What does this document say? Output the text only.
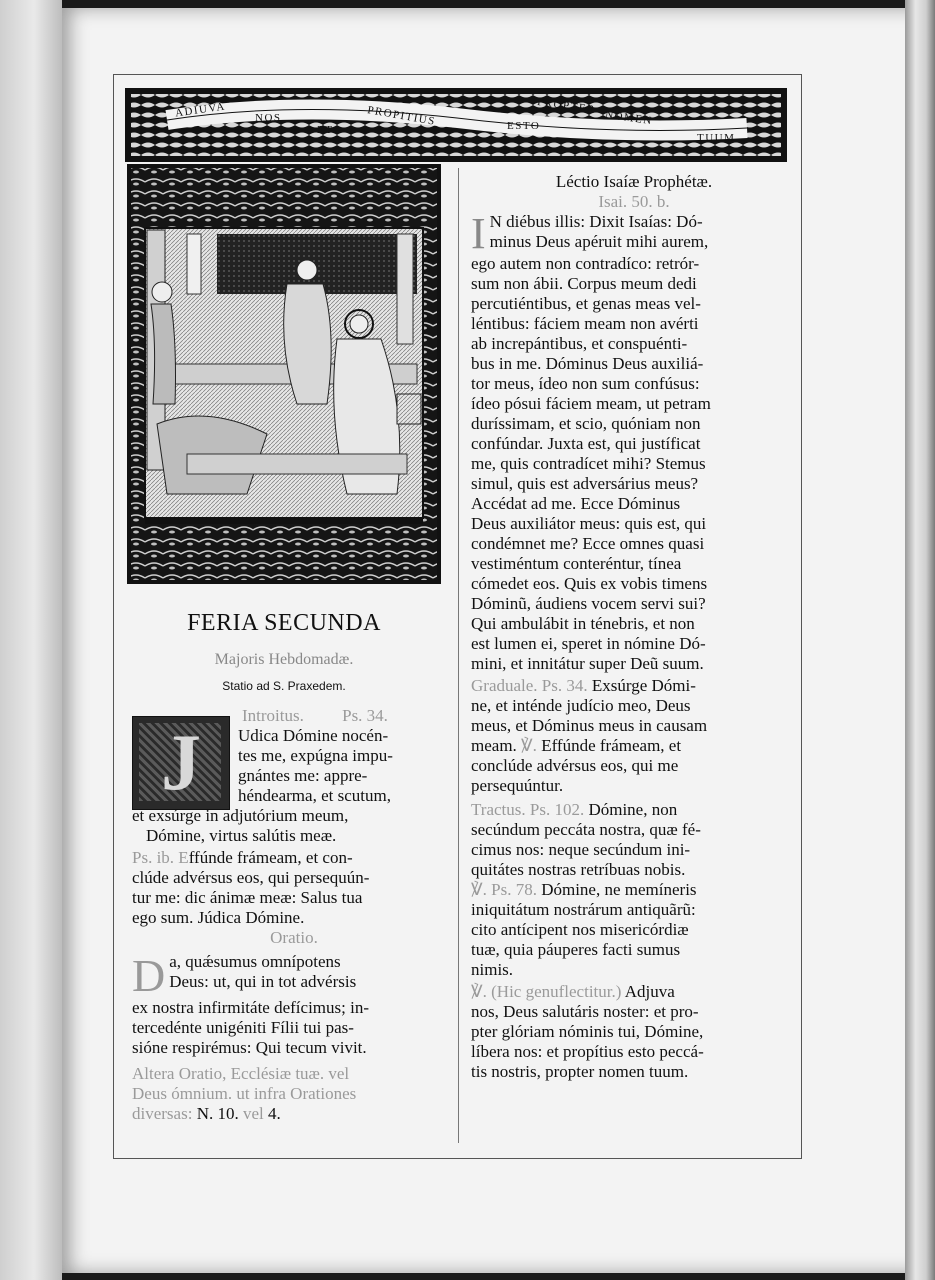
ADIUVA	NOS
ET
PROPITIUS	ESTO
PROPTER
NOMEN
TUUM
FERIA SECUNDA
Majoris Hebdomadæ.
Statio ad S. Praxedem.
J
Introitus. Ps. 34.
Udica Dómine nocén-
tes me, expúgna impu-
gnántes me: appre-
héndearma, et scutum,
et exsúrge in adjutórium meum,
Dómine, virtus salútis meæ.
Ps. ib. Effúnde frámeam, et con-
clúde advérsus eos, qui persequún-
tur me: dic ánimæ meæ: Salus tua
ego sum. Júdica Dómine.
Oratio.
D a, quǽsumus omnípotens
Deus: ut, qui in tot advérsis
ex nostra infirmitáte defícimus; in-
tercedénte unigéniti Fílii tui pas-
sióne respirémus: Qui tecum vivit.
Altera Oratio, Ecclésiæ tuæ. vel
Deus ómnium. ut infra Orationes
diversas: N. 10. vel 4.
Léctio Isaíæ Prophétæ.
Isai. 50. b.
I N diébus illis: Dixit Isaías: Dó-
minus Deus apéruit mihi aurem,
ego autem non contradíco: retrór-
sum non ábii. Corpus meum dedi
percutiéntibus, et genas meas vel-
léntibus: fáciem meam non avérti
ab increpántibus, et conspuénti-
bus in me. Dóminus Deus auxiliá-
tor meus, ídeo non sum confúsus:
ídeo pósui fáciem meam, ut petram
duríssimam, et scio, quóniam non
confúndar. Juxta est, qui justíficat
me, quis contradícet mihi? Stemus
simul, quis est adversárius meus?
Accédat ad me. Ecce Dóminus
Deus auxiliátor meus: quis est, qui
condémnet me? Ecce omnes quasi
vestiméntum conteréntur, tínea
cómedet eos. Quis ex vobis timens
Dóminũ, áudiens vocem servi sui?
Qui ambulábit in ténebris, et non
est lumen ei, speret in nómine Dó-
mini, et innitátur super Deũ suum.
Graduale. Ps. 34. Exsúrge Dómi-
ne, et inténde judício meo, Deus
meus, et Dóminus meus in causam
meam. ℣. Effúnde frámeam, et
conclúde advérsus eos, qui me
persequúntur.
Tractus. Ps. 102. Dómine, non
secúndum peccáta nostra, quæ fé-
cimus nos: neque secúndum ini-
quitátes nostras retríbuas nobis.
℣. Ps. 78. Dómine, ne memíneris
iniquitátum nostrárum antiquãrũ:
cito antícipent nos misericórdiæ
tuæ, quia páuperes facti sumus
nimis.
℣. (Hic genuflectitur.) Adjuva
nos, Deus salutáris noster: et pro-
pter glóriam nóminis tui, Dómine,
líbera nos: et propítius esto peccá-
tis nostris, propter nomen tuum.
